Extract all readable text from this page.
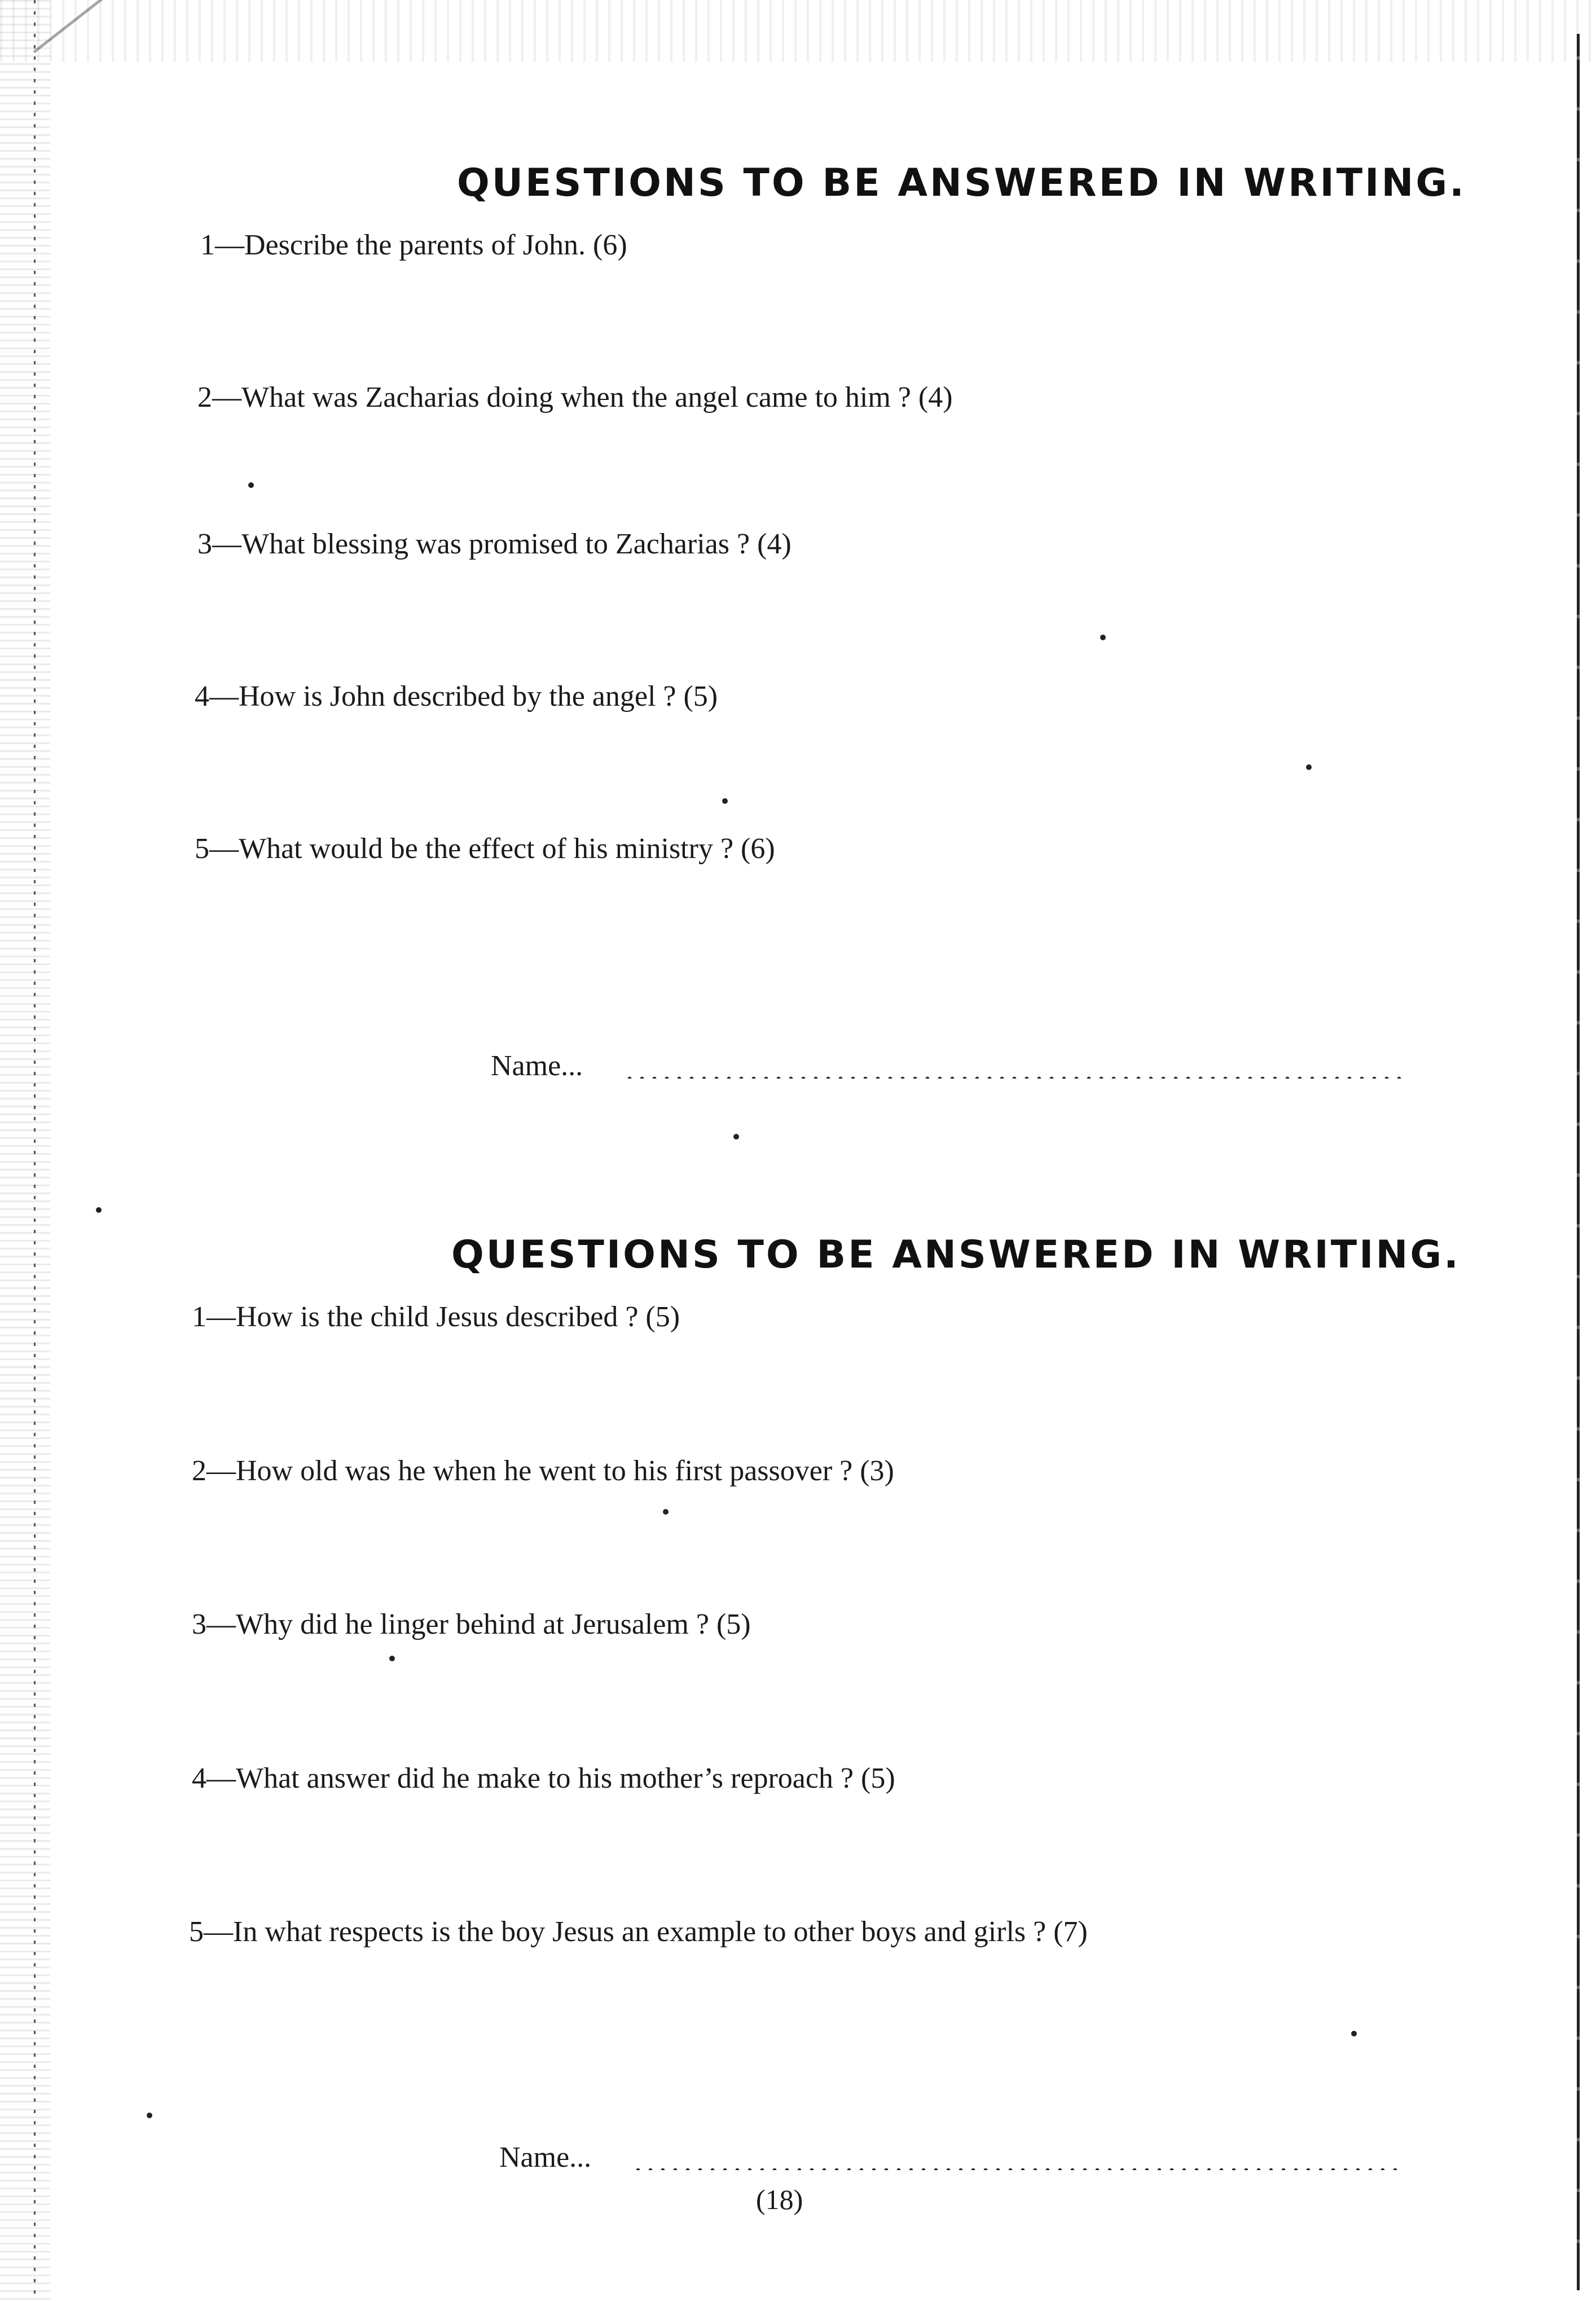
QUESTIONS TO BE ANSWERED IN WRITING.
1—Describe the parents of John. (6)
2—What was Zacharias doing when the angel came to him ? (4)
3—What blessing was promised to Zacharias ? (4)
4—How is John described by the angel ? (5)
5—What would be the effect of his ministry ? (6)
Name...
QUESTIONS TO BE ANSWERED IN WRITING.
1—How is the child Jesus described ? (5)
2—How old was he when he went to his first passover ? (3)
3—Why did he linger behind at Jerusalem ? (5)
4—What answer did he make to his mother’s reproach ? (5)
5—In what respects is the boy Jesus an example to other boys and girls ? (7)
Name...
(18)
